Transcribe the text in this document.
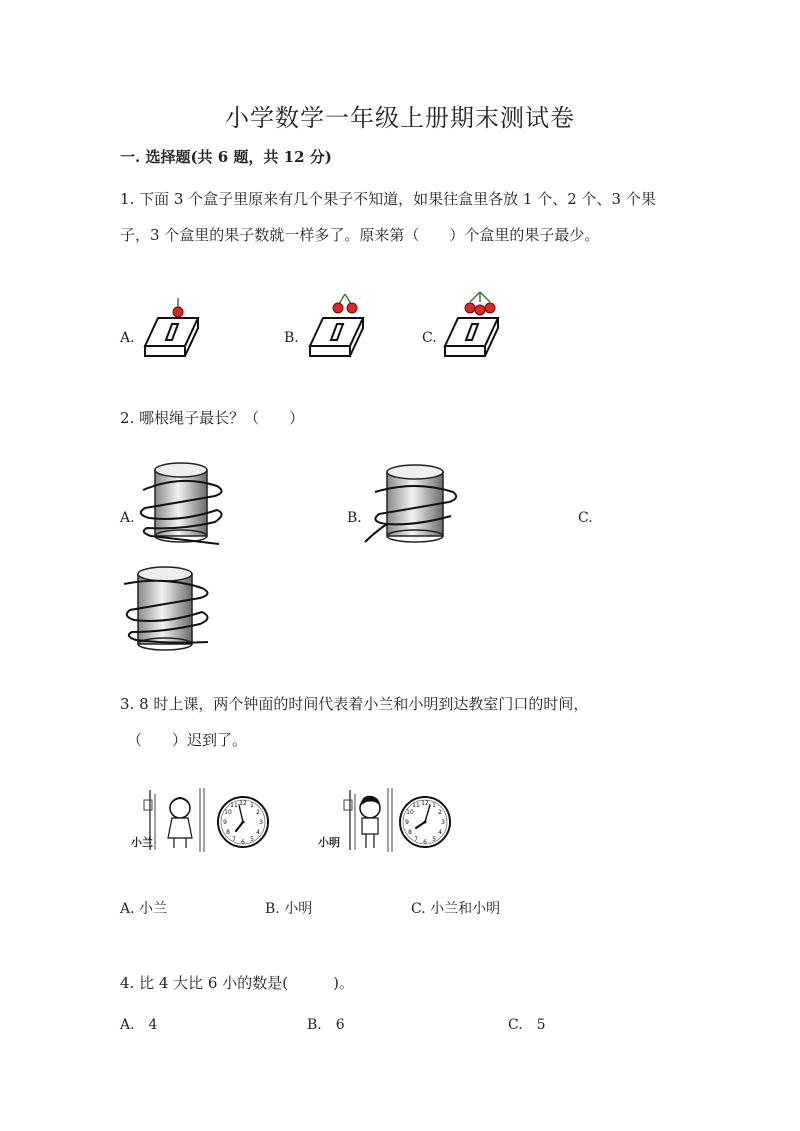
小学数学一年级上册期末测试卷
一. 选择题(共 6 题，共 12 分)
1. 下面 3 个盒子里原来有几个果子不知道，如果往盒里各放 1 个、2 个、3 个果
子，3 个盒里的果子数就一样多了。原来第（　　）个盒里的果子最少。
A.	B.	C.
2. 哪根绳子最长？（　　）
A.	B.	C.
3. 8 时上课，两个钟面的时间代表着小兰和小明到达教室门口的时间，
（　　）迟到了。
小兰
12 1
2
3
4
5
6
7
8
9
10
11
小明
12 1
2
3
4
5
6
7
8
9
10
11
A. 小兰	B. 小明	C. 小兰和小明
4. 比 4 大比 6 小的数是(　　　)。
A.　4	B.　6	C.　5
